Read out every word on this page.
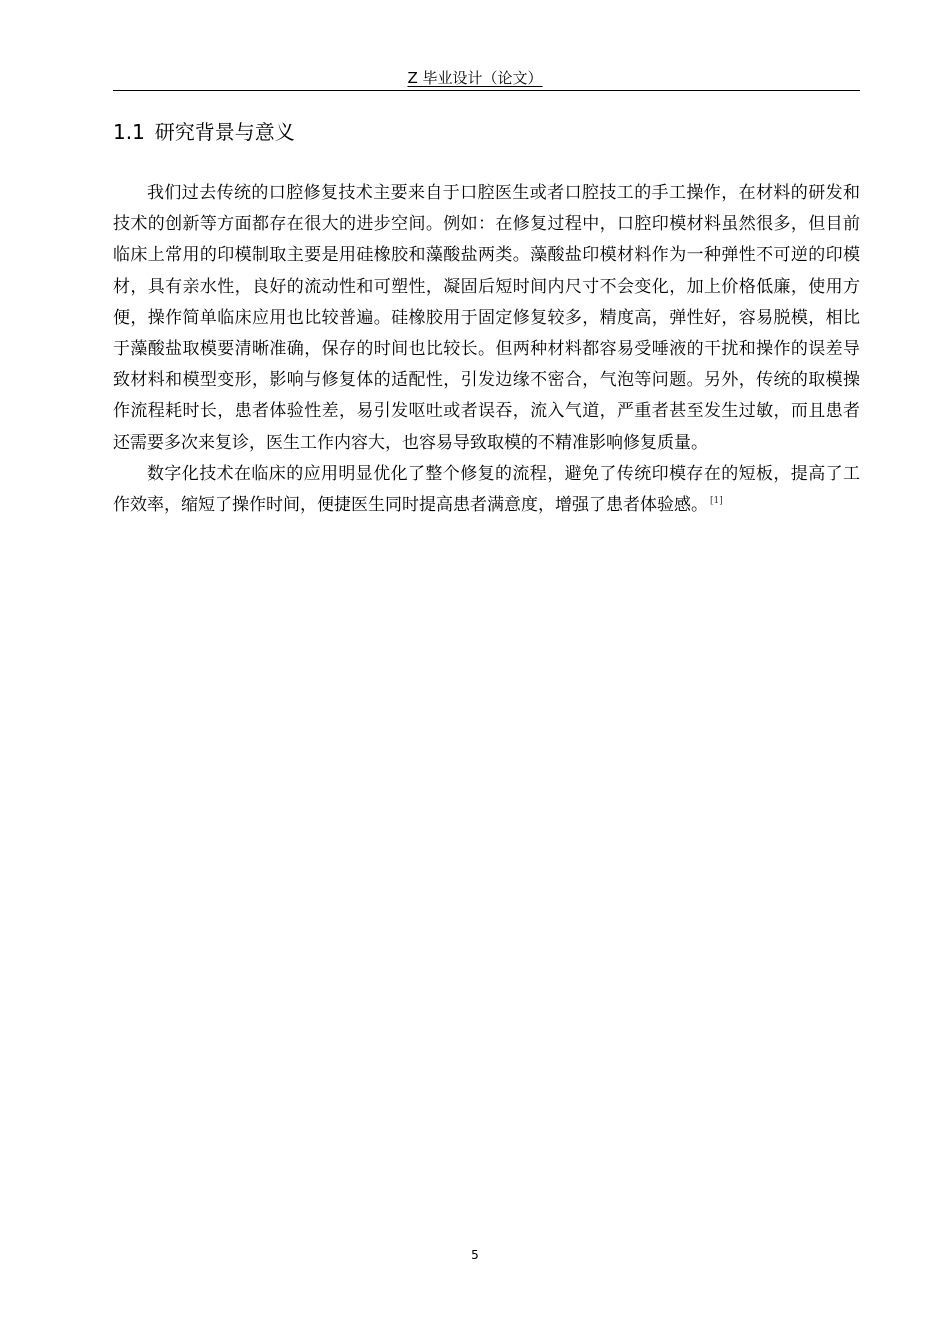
Z 毕业设计（论文）
1.1 研究背景与意义

我们过去传统的口腔修复技术主要来自于口腔医生或者口腔技工的手工操作，在材料的研发和技术的创新等方面都存在很大的进步空间。例如：在修复过程中，口腔印模材料虽然很多，但目前临床上常用的印模制取主要是用硅橡胶和藻酸盐两类。藻酸盐印模材料作为一种弹性不可逆的印模材，具有亲水性，良好的流动性和可塑性，凝固后短时间内尺寸不会变化，加上价格低廉，使用方便，操作简单临床应用也比较普遍。硅橡胶用于固定修复较多，精度高，弹性好，容易脱模，相比于藻酸盐取模要清晰准确，保存的时间也比较长。但两种材料都容易受唾液的干扰和操作的误差导致材料和模型变形，影响与修复体的适配性，引发边缘不密合，气泡等问题。另外，传统的取模操作流程耗时长，患者体验性差，易引发呕吐或者误吞，流入气道，严重者甚至发生过敏，而且患者还需要多次来复诊，医生工作内容大，也容易导致取模的不精准影响修复质量。

数字化技术在临床的应用明显优化了整个修复的流程，避免了传统印模存在的短板，提高了工作效率，缩短了操作时间，便捷医生同时提高患者满意度，增强了患者体验感。 [1]

5
